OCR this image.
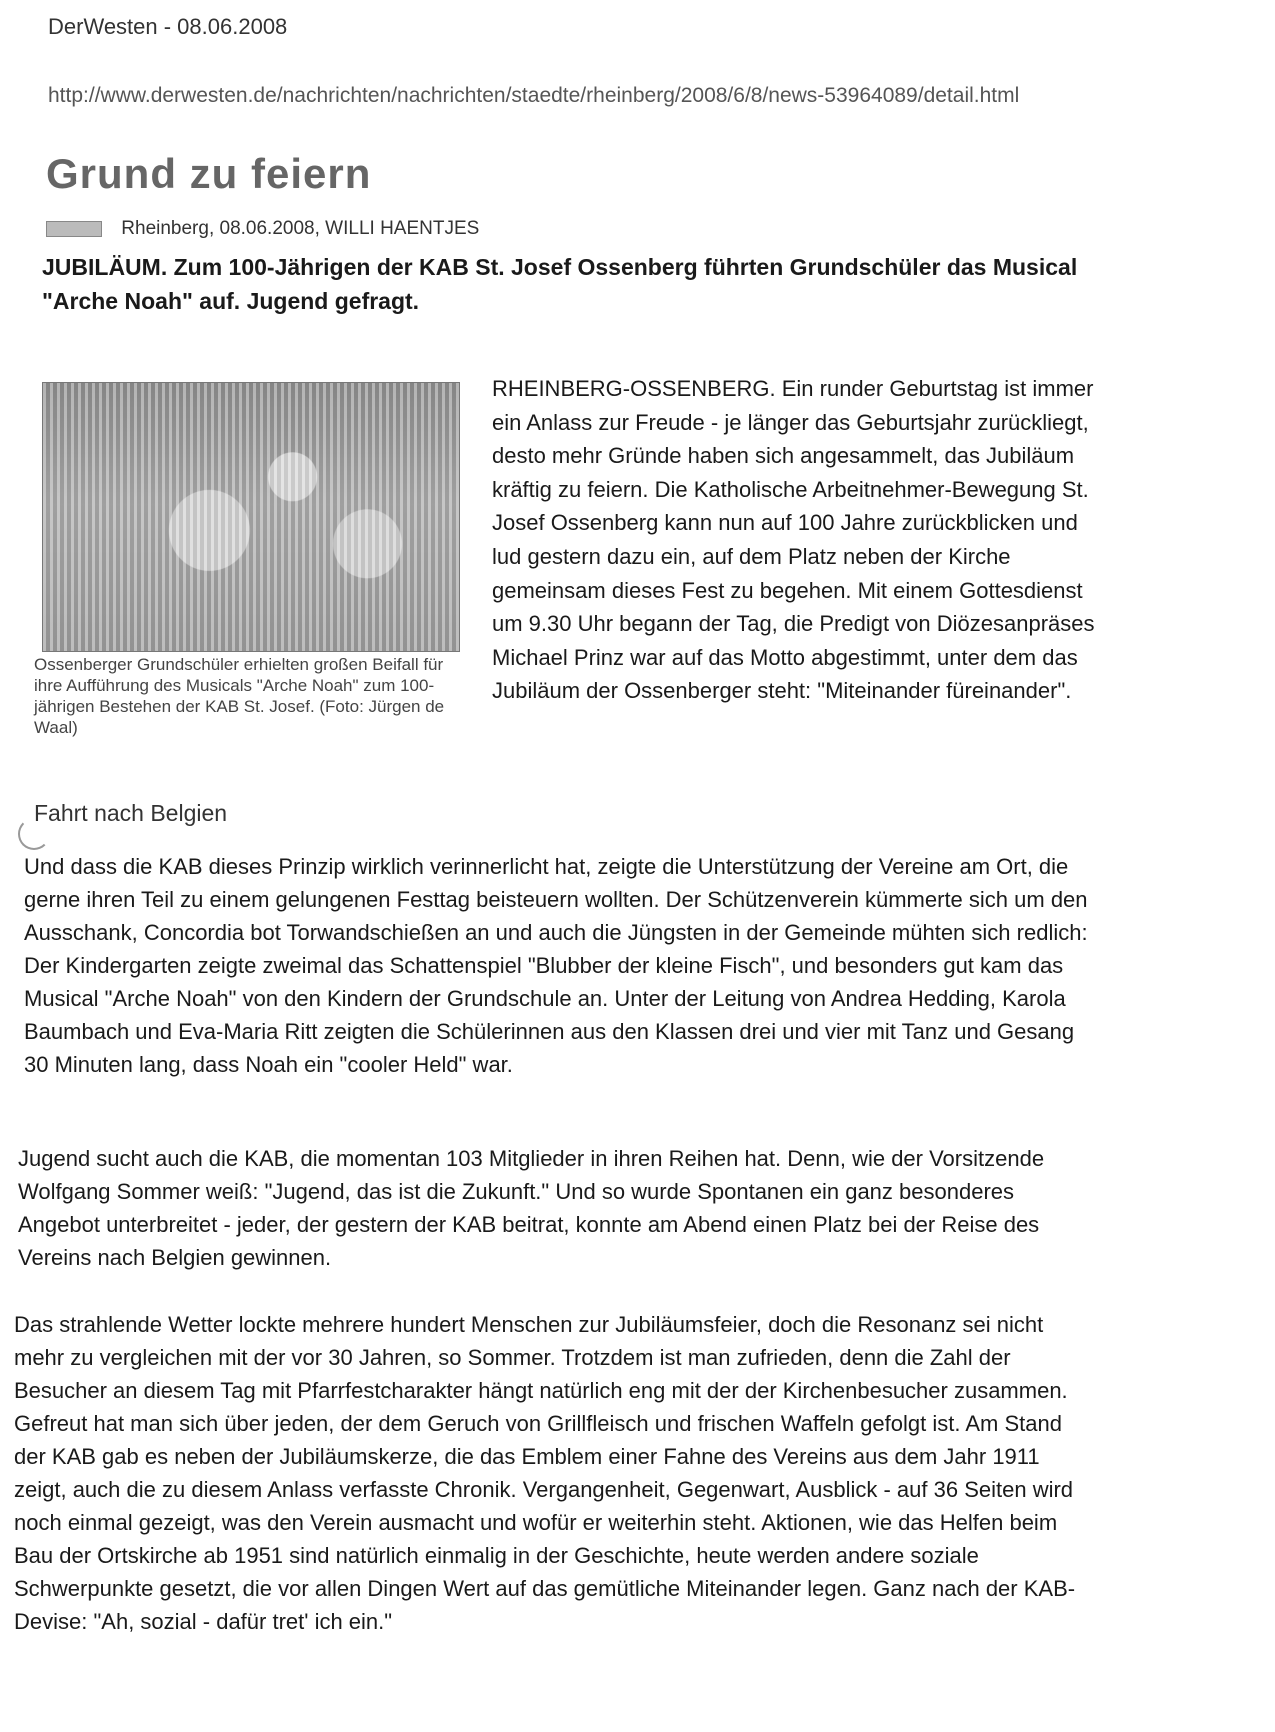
DerWesten - 08.06.2008
http://www.derwesten.de/nachrichten/nachrichten/staedte/rheinberg/2008/6/8/news-53964089/detail.html
Grund zu feiern
Rheinberg, 08.06.2008, WILLI HAENTJES

JUBILÄUM. Zum 100-Jährigen der KAB St. Josef Ossenberg führten Grundschüler das Musical "Arche Noah" auf. Jugend gefragt.

Ossenberger Grundschüler erhielten großen Beifall für ihre Aufführung des Musicals "Arche Noah" zum 100-jährigen Bestehen der KAB St. Josef. (Foto: Jürgen de Waal)

RHEINBERG-OSSENBERG. Ein runder Geburtstag ist immer ein Anlass zur Freude - je länger das Geburtsjahr zurückliegt, desto mehr Gründe haben sich angesammelt, das Jubiläum kräftig zu feiern. Die Katholische Arbeitnehmer-Bewegung St. Josef Ossenberg kann nun auf 100 Jahre zurückblicken und lud gestern dazu ein, auf dem Platz neben der Kirche gemeinsam dieses Fest zu begehen. Mit einem Gottesdienst um 9.30 Uhr begann der Tag, die Predigt von Diözesanpräses Michael Prinz war auf das Motto abgestimmt, unter dem das Jubiläum der Ossenberger steht: "Miteinander füreinander".

Fahrt nach Belgien

Und dass die KAB dieses Prinzip wirklich verinnerlicht hat, zeigte die Unterstützung der Vereine am Ort, die gerne ihren Teil zu einem gelungenen Festtag beisteuern wollten. Der Schützenverein kümmerte sich um den Ausschank, Concordia bot Torwandschießen an und auch die Jüngsten in der Gemeinde mühten sich redlich: Der Kindergarten zeigte zweimal das Schattenspiel "Blubber der kleine Fisch", und besonders gut kam das Musical "Arche Noah" von den Kindern der Grundschule an. Unter der Leitung von Andrea Hedding, Karola Baumbach und Eva-Maria Ritt zeigten die Schülerinnen aus den Klassen drei und vier mit Tanz und Gesang 30 Minuten lang, dass Noah ein "cooler Held" war.

Jugend sucht auch die KAB, die momentan 103 Mitglieder in ihren Reihen hat. Denn, wie der Vorsitzende Wolfgang Sommer weiß: "Jugend, das ist die Zukunft." Und so wurde Spontanen ein ganz besonderes Angebot unterbreitet - jeder, der gestern der KAB beitrat, konnte am Abend einen Platz bei der Reise des Vereins nach Belgien gewinnen.

Das strahlende Wetter lockte mehrere hundert Menschen zur Jubiläumsfeier, doch die Resonanz sei nicht mehr zu vergleichen mit der vor 30 Jahren, so Sommer. Trotzdem ist man zufrieden, denn die Zahl der Besucher an diesem Tag mit Pfarrfestcharakter hängt natürlich eng mit der der Kirchenbesucher zusammen. Gefreut hat man sich über jeden, der dem Geruch von Grillfleisch und frischen Waffeln gefolgt ist. Am Stand der KAB gab es neben der Jubiläumskerze, die das Emblem einer Fahne des Vereins aus dem Jahr 1911 zeigt, auch die zu diesem Anlass verfasste Chronik. Vergangenheit, Gegenwart, Ausblick - auf 36 Seiten wird noch einmal gezeigt, was den Verein ausmacht und wofür er weiterhin steht. Aktionen, wie das Helfen beim Bau der Ortskirche ab 1951 sind natürlich einmalig in der Geschichte, heute werden andere soziale Schwerpunkte gesetzt, die vor allen Dingen Wert auf das gemütliche Miteinander legen. Ganz nach der KAB-Devise: "Ah, sozial - dafür tret' ich ein."
